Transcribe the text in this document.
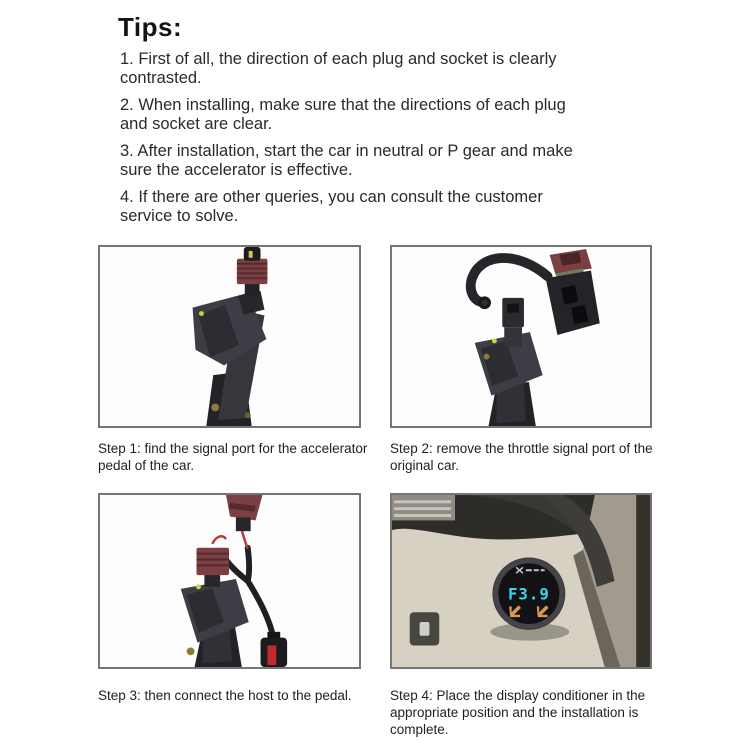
Tips:

1. First of all, the direction of each plug and socket is clearly
contrasted.

2. When installing, make sure that the directions of each plug
and socket are clear.

3. After installation, start the car in neutral or P gear and make
sure the accelerator is effective.

4. If there are other queries, you can consult the customer
service to solve.

Step 1: find the signal port for the accelerator
pedal of the car.
Step 2: remove the throttle signal port of the
original car.
Step 3: then connect the host to the pedal.
F3.9
Step 4: Place the display conditioner in the
appropriate position and the installation is
complete.
